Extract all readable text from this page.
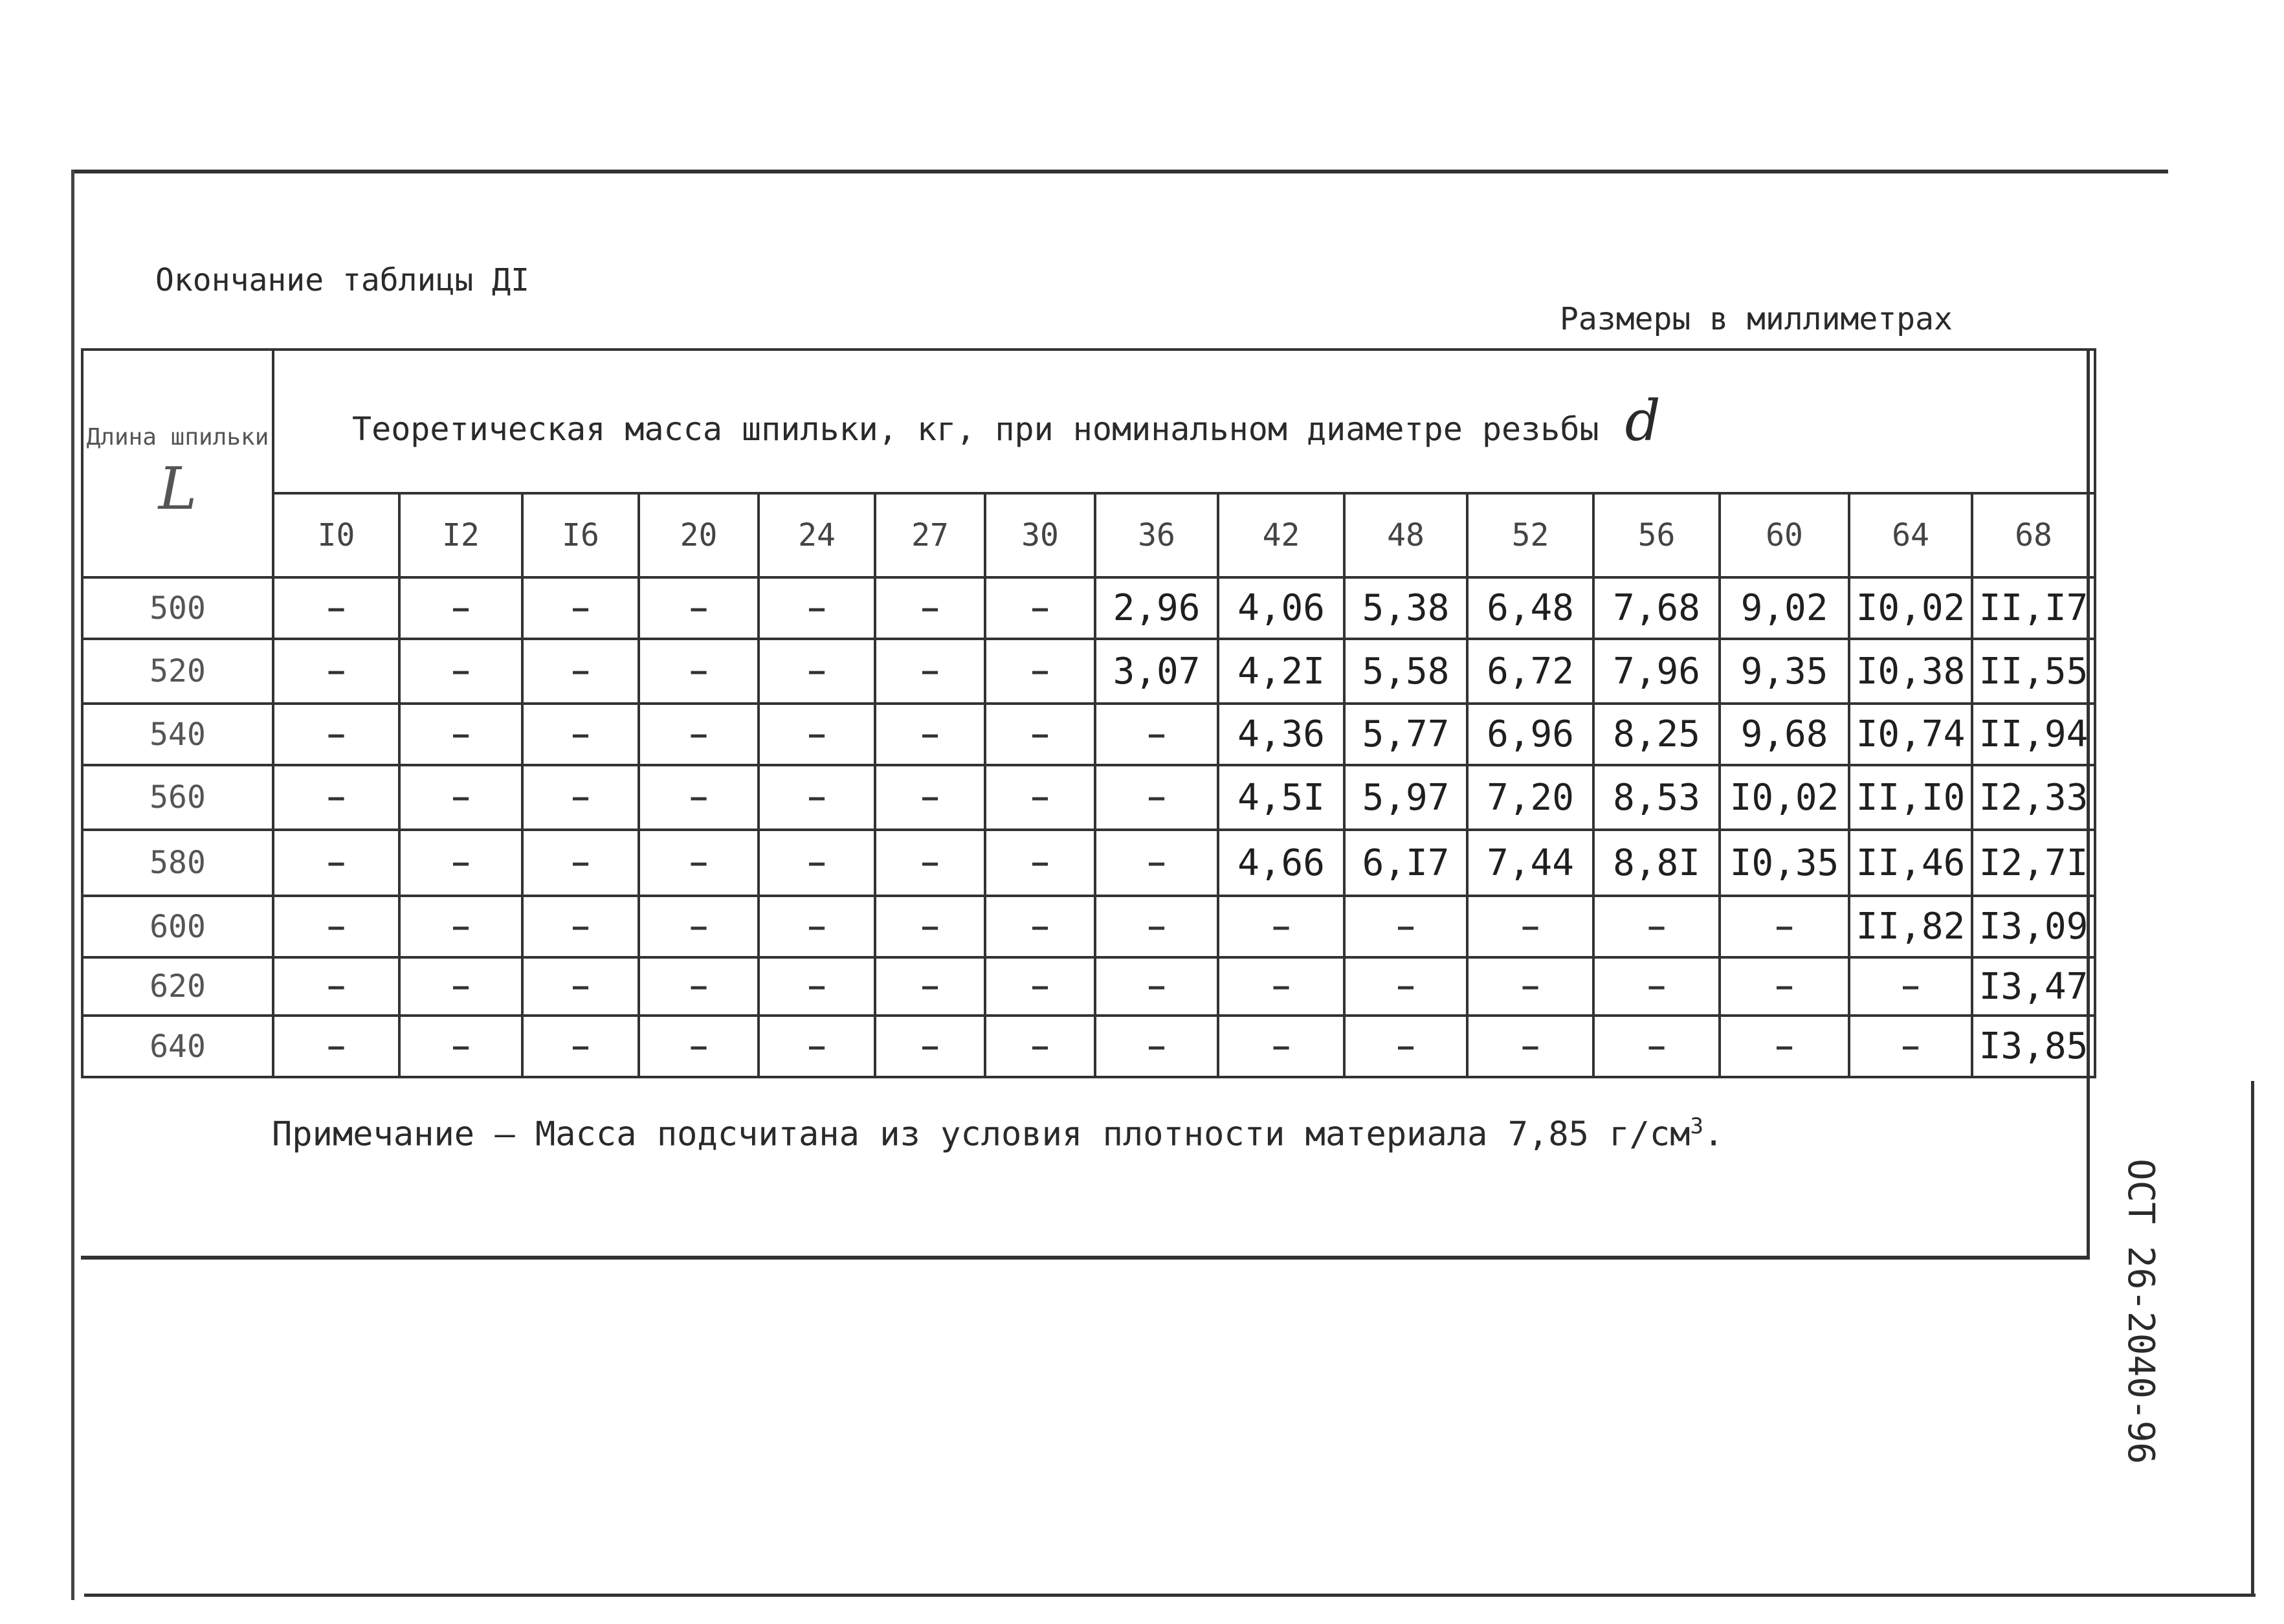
Окончание таблицы ДI
Размеры в миллиметрах
Длина шпильки
L	Теоретическая масса шпильки, кг, при номинальном диаметре резьбы d														
	I0	I2	I6	20	24	27	30	36	42	48	52	56	60	64	68
500	–	–	–	–	–	–	–	2,96	4,06	5,38	6,48	7,68	9,02	I0,02	II,I7
520	–	–	–	–	–	–	–	3,07	4,2I	5,58	6,72	7,96	9,35	I0,38	II,55
540	–	–	–	–	–	–	–	–	4,36	5,77	6,96	8,25	9,68	I0,74	II,94
560	–	–	–	–	–	–	–	–	4,5I	5,97	7,20	8,53	I0,02	II,I0	I2,33
580	–	–	–	–	–	–	–	–	4,66	6,I7	7,44	8,8I	I0,35	II,46	I2,7I
600	–	–	–	–	–	–	–	–	–	–	–	–	–	II,82	I3,09
620	–	–	–	–	–	–	–	–	–	–	–	–	–	–	I3,47
640	–	–	–	–	–	–	–	–	–	–	–	–	–	–	I3,85
Примечание – Масса подсчитана из условия плотности материала 7,85 $г/см^3$.
ОСТ 26-2040-96
